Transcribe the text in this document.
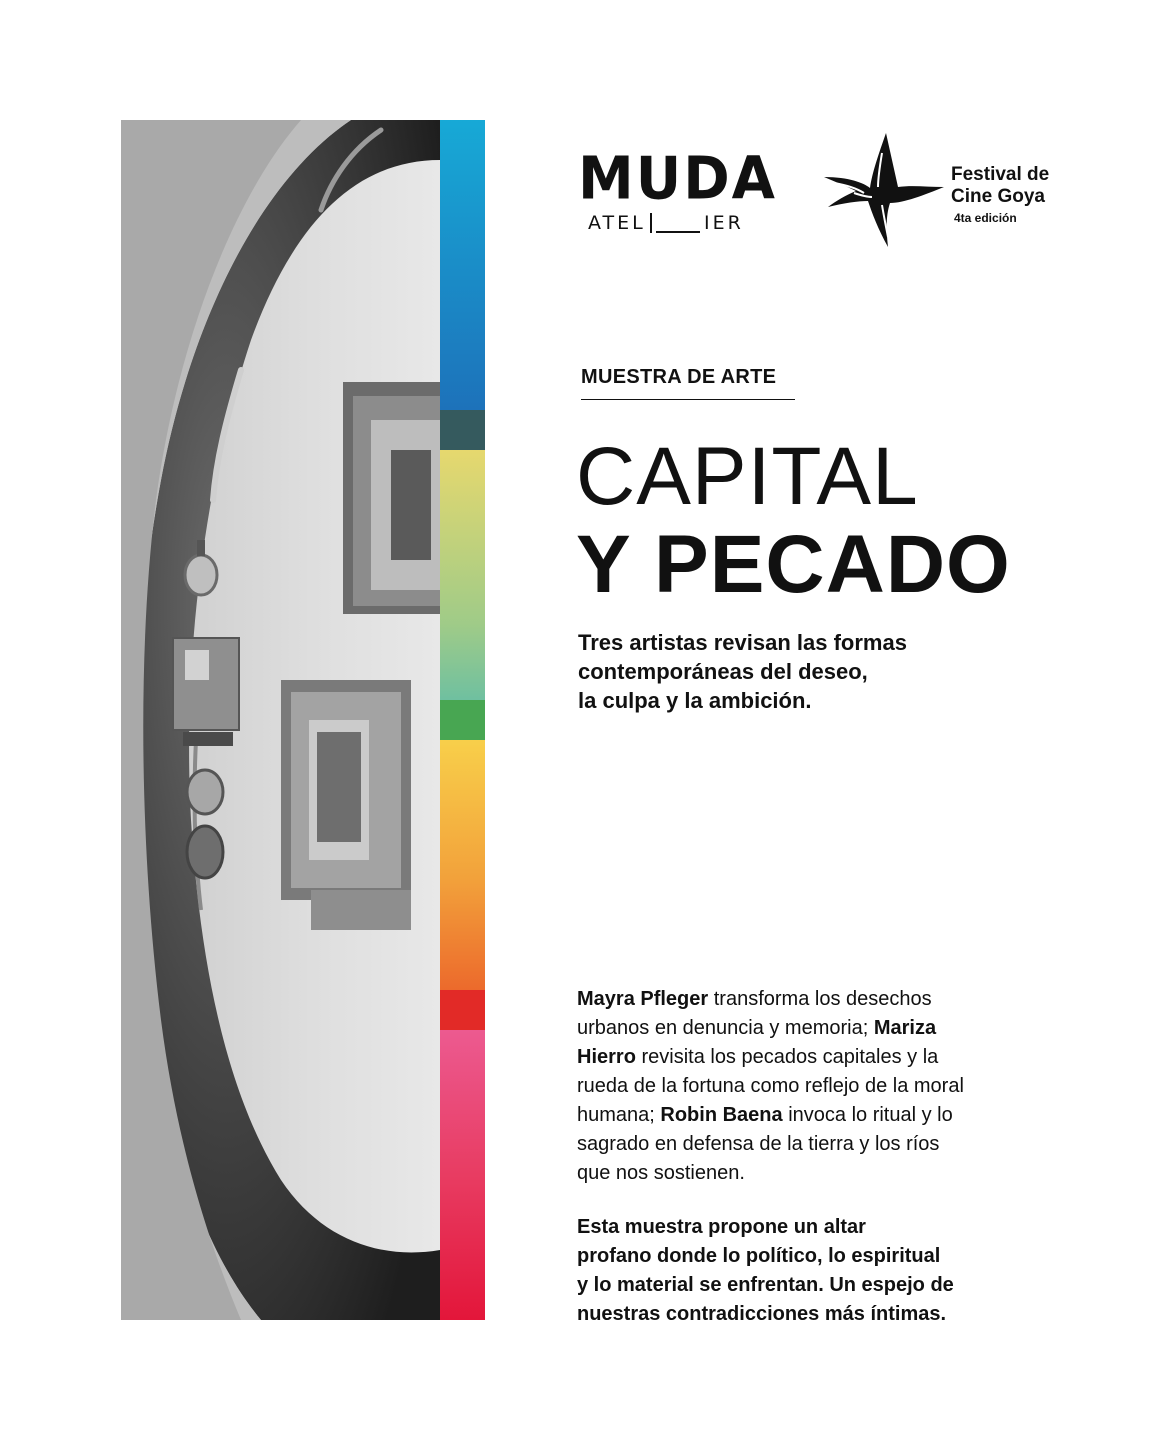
MUDA
ATEL	IER
Festival de
Cine Goya
4ta edición
MUESTRA DE ARTE
CAPITAL
Y PECADO
Tres artistas revisan las formas
contemporáneas del deseo,
la culpa y la ambición.
Mayra Pfleger transforma los desechos
urbanos en denuncia y memoria; Mariza
Hierro revisita los pecados capitales y la
rueda de la fortuna como reflejo de la moral
humana; Robin Baena invoca lo ritual y lo
sagrado en defensa de la tierra y los ríos
que nos sostienen.
Esta muestra propone un altar
profano donde lo político, lo espiritual
y lo material se enfrentan. Un espejo de
nuestras contradicciones más íntimas.
